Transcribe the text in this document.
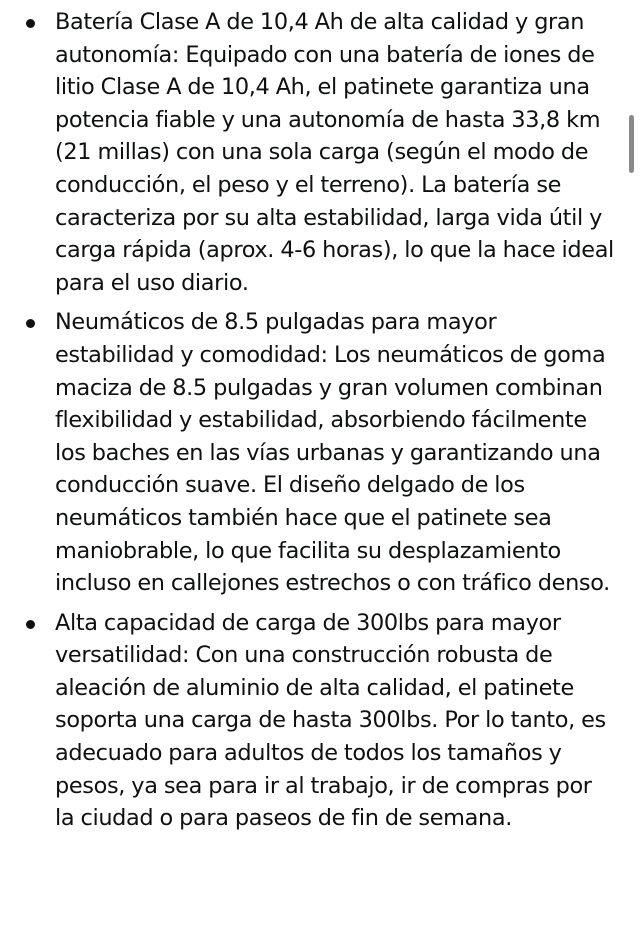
Batería Clase A de 10,4 Ah de alta calidad y gran autonomía: Equipado con una batería de iones de litio Clase A de 10,4 Ah, el patinete garantiza una potencia fiable y una autonomía de hasta 33,8 km (21 millas) con una sola carga (según el modo de conducción, el peso y el terreno). La batería se caracteriza por su alta estabilidad, larga vida útil y carga rápida (aprox. 4-6 horas), lo que la hace ideal para el uso diario.
Neumáticos de 8.5 pulgadas para mayor estabilidad y comodidad: Los neumáticos de goma maciza de 8.5 pulgadas y gran volumen combinan flexibilidad y estabilidad, absorbiendo fácilmente los baches en las vías urbanas y garantizando una conducción suave. El diseño delgado de los neumáticos también hace que el patinete sea maniobrable, lo que facilita su desplazamiento incluso en callejones estrechos o con tráfico denso.
Alta capacidad de carga de 300lbs para mayor versatilidad: Con una construcción robusta de aleación de aluminio de alta calidad, el patinete soporta una carga de hasta 300lbs. Por lo tanto, es adecuado para adultos de todos los tamaños y pesos, ya sea para ir al trabajo, ir de compras por la ciudad o para paseos de fin de semana.
